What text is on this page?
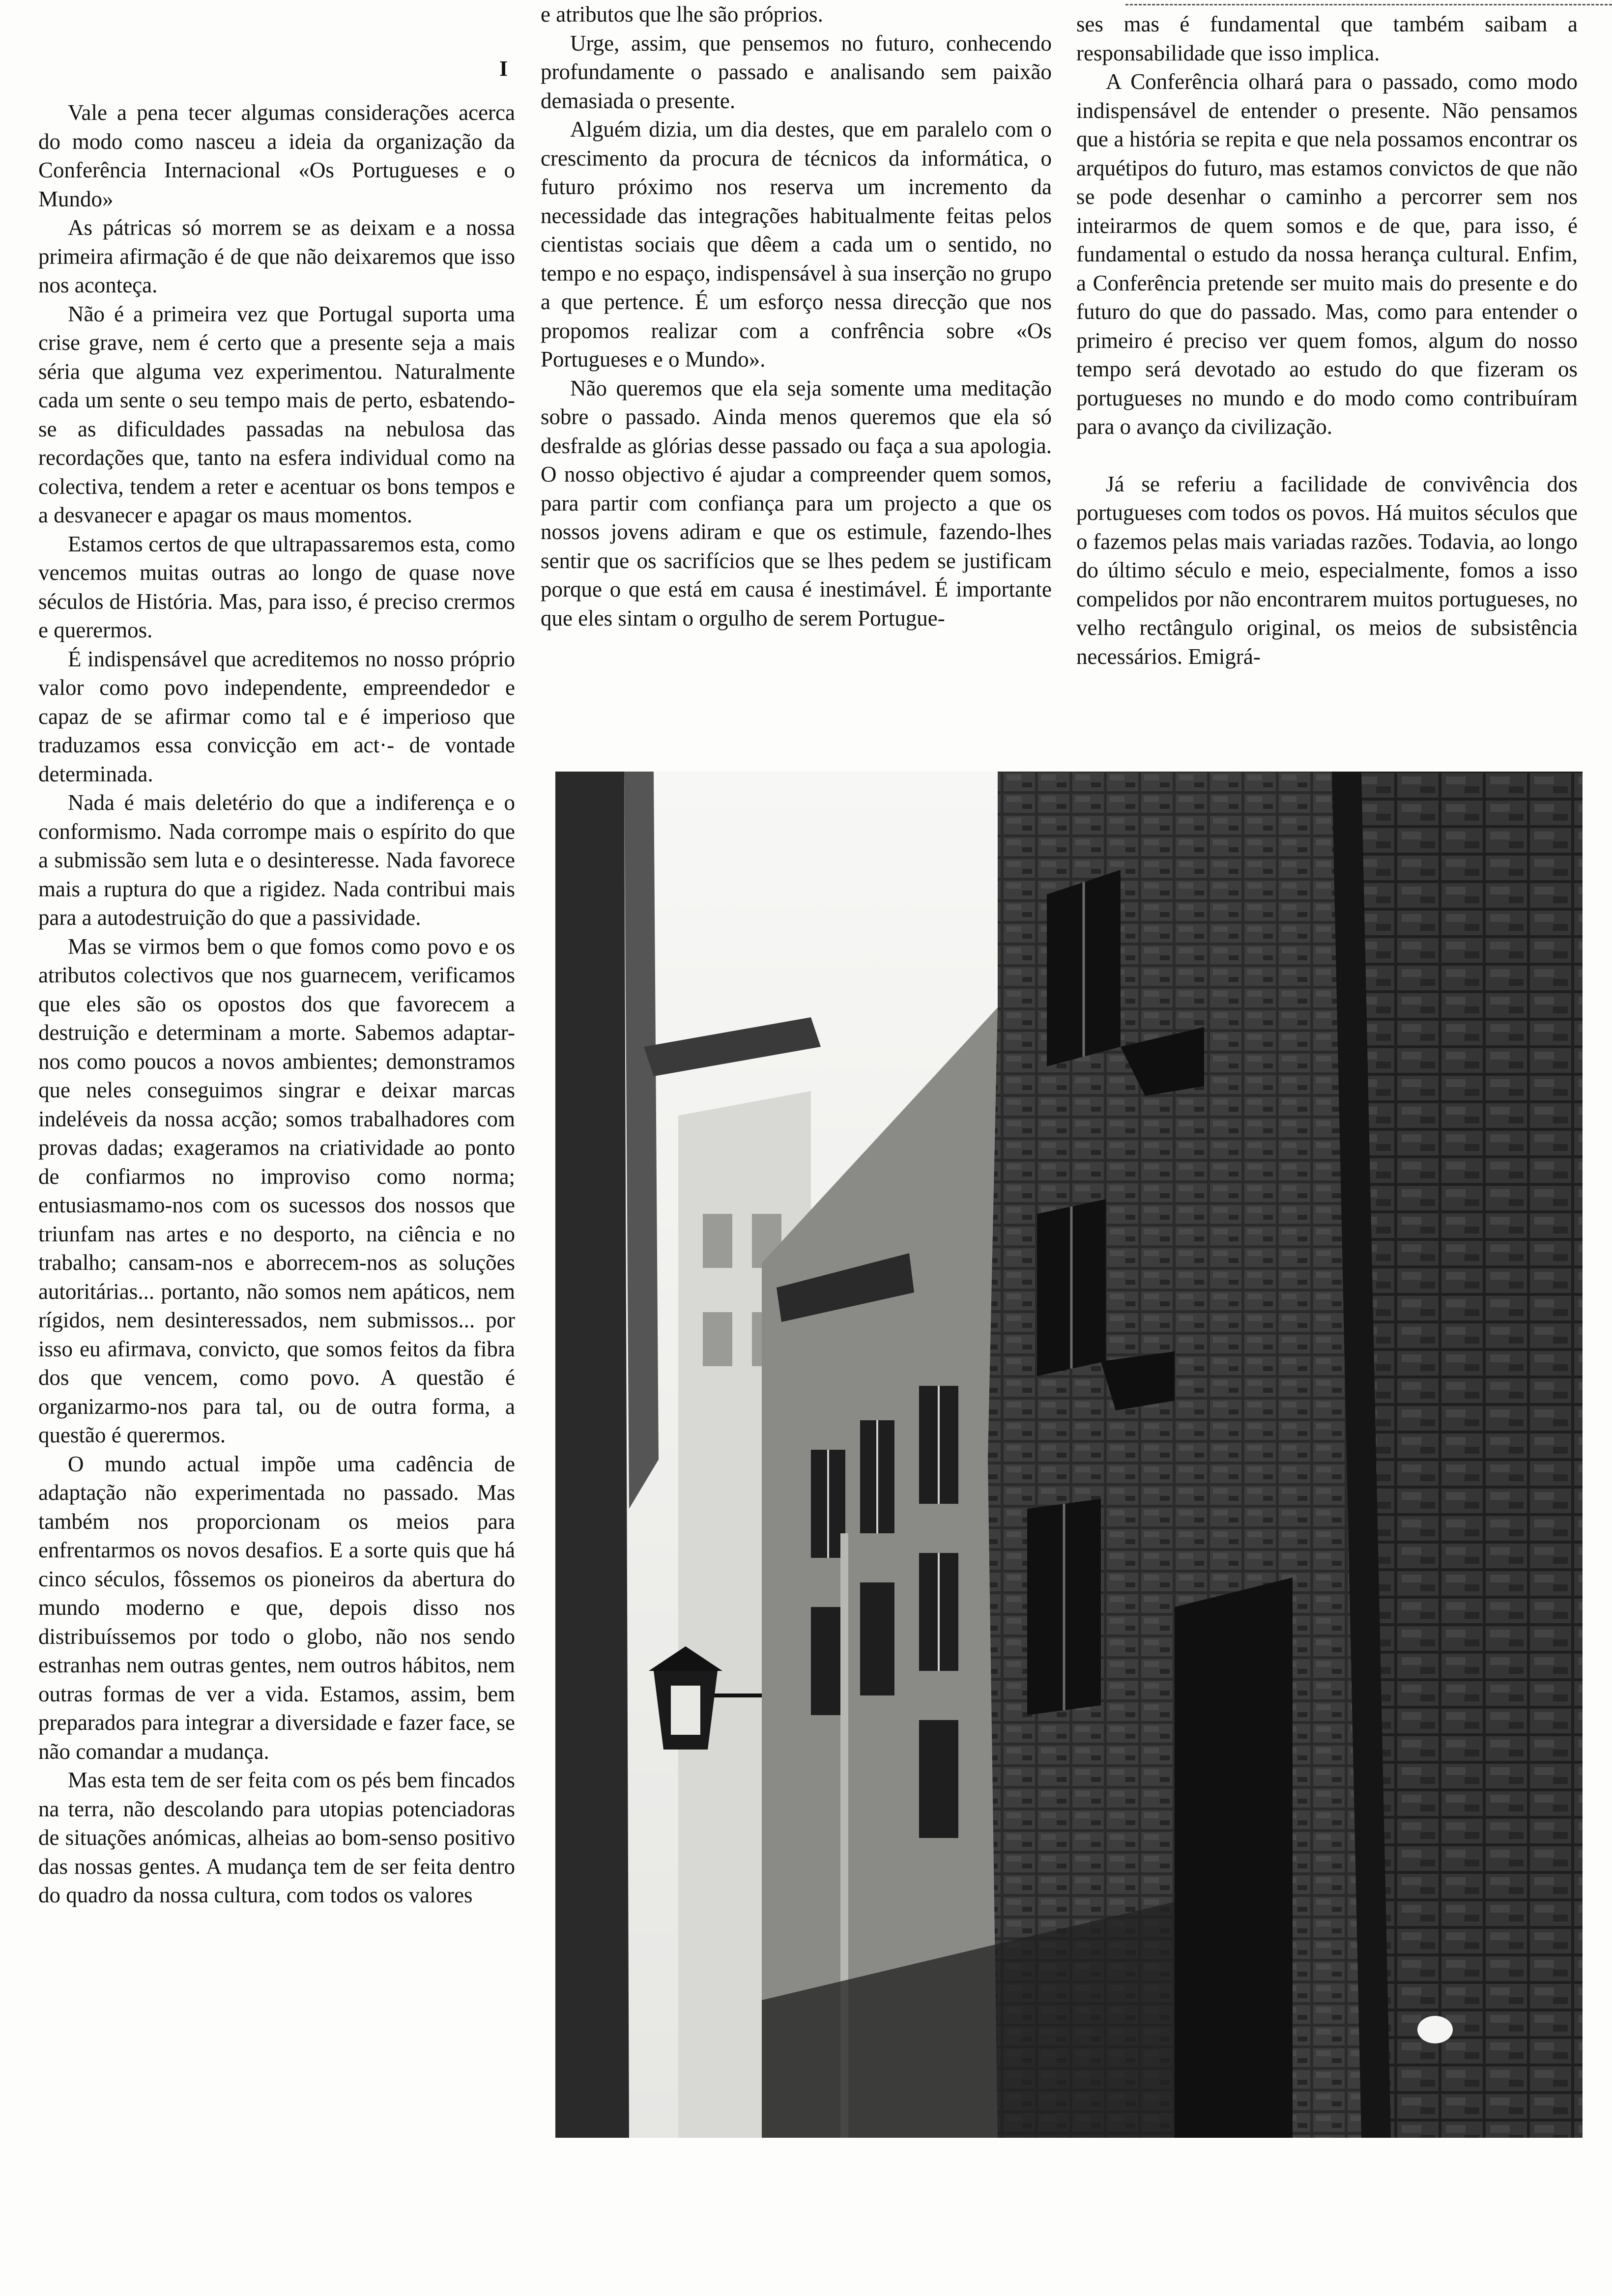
I

Vale a pena tecer algumas considerações acerca do modo como nasceu a ideia da organização da Conferência Internacional «Os Portugueses e o Mundo»

As pátricas só morrem se as deixam e a nossa primeira afirmação é de que não deixaremos que isso nos aconteça.

Não é a primeira vez que Portugal suporta uma crise grave, nem é certo que a presente seja a mais séria que alguma vez experimentou. Naturalmente cada um sente o seu tempo mais de perto, esbatendo-se as dificuldades passadas na nebulosa das recordações que, tanto na esfera individual como na colectiva, tendem a reter e acentuar os bons tempos e a desvanecer e apagar os maus momentos.

Estamos certos de que ultrapassaremos esta, como vencemos muitas outras ao longo de quase nove séculos de História. Mas, para isso, é preciso crermos e querermos.

É indispensável que acreditemos no nosso próprio valor como povo independente, empreendedor e capaz de se afirmar como tal e é imperioso que traduzamos essa convicção em act·- de vontade determinada.

Nada é mais deletério do que a indiferença e o conformismo. Nada corrompe mais o espírito do que a submissão sem luta e o desinteresse. Nada favorece mais a ruptura do que a rigidez. Nada contribui mais para a autodestruição do que a passividade.

Mas se virmos bem o que fomos como povo e os atributos colectivos que nos guarnecem, verificamos que eles são os opostos dos que favorecem a destruição e determinam a morte. Sabemos adaptar-nos como poucos a novos ambientes; demonstramos que neles conseguimos singrar e deixar marcas indeléveis da nossa acção; somos trabalhadores com provas dadas; exageramos na criatividade ao ponto de confiarmos no improviso como norma; entusiasmamo-nos com os sucessos dos nossos que triunfam nas artes e no desporto, na ciência e no trabalho; cansam-nos e aborrecem-nos as soluções autoritárias... portanto, não somos nem apáticos, nem rígidos, nem desinteressados, nem submissos... por isso eu afirmava, convicto, que somos feitos da fibra dos que vencem, como povo. A questão é organizarmo-nos para tal, ou de outra forma, a questão é querermos.

O mundo actual impõe uma cadência de adaptação não experimentada no passado. Mas também nos proporcionam os meios para enfrentarmos os novos desafios. E a sorte quis que há cinco séculos, fôssemos os pioneiros da abertura do mundo moderno e que, depois disso nos distribuíssemos por todo o globo, não nos sendo estranhas nem outras gentes, nem outros hábitos, nem outras formas de ver a vida. Estamos, assim, bem preparados para integrar a diversidade e fazer face, se não comandar a mudança.

Mas esta tem de ser feita com os pés bem fincados na terra, não descolando para utopias potenciadoras de situações anómicas, alheias ao bom-senso positivo das nossas gentes. A mudança tem de ser feita dentro do quadro da nossa cultura, com todos os valores

e atributos que lhe são próprios.

Urge, assim, que pensemos no futuro, conhecendo profundamente o passado e analisando sem paixão demasiada o presente.

Alguém dizia, um dia destes, que em paralelo com o crescimento da procura de técnicos da informática, o futuro próximo nos reserva um incremento da necessidade das integrações habitualmente feitas pelos cientistas sociais que dêem a cada um o sentido, no tempo e no espaço, indispensável à sua inserção no grupo a que pertence. É um esforço nessa direcção que nos propomos realizar com a confrência sobre «Os Portugueses e o Mundo».

Não queremos que ela seja somente uma meditação sobre o passado. Ainda menos queremos que ela só desfralde as glórias desse passado ou faça a sua apologia. O nosso objectivo é ajudar a compreender quem somos, para partir com confiança para um projecto a que os nossos jovens adiram e que os estimule, fazendo-lhes sentir que os sacrifícios que se lhes pedem se justificam porque o que está em causa é inestimável. É importante que eles sintam o orgulho de serem Portugue-

ses mas é fundamental que também saibam a responsabilidade que isso implica.

A Conferência olhará para o passado, como modo indispensável de entender o presente. Não pensamos que a história se repita e que nela possamos encontrar os arquétipos do futuro, mas estamos convictos de que não se pode desenhar o caminho a percorrer sem nos inteirarmos de quem somos e de que, para isso, é fundamental o estudo da nossa herança cultural. Enfim, a Conferência pretende ser muito mais do presente e do futuro do que do passado. Mas, como para entender o primeiro é preciso ver quem fomos, algum do nosso tempo será devotado ao estudo do que fizeram os portugueses no mundo e do modo como contribuíram para o avanço da civilização.

Já se referiu a facilidade de convivência dos portugueses com todos os povos. Há muitos séculos que o fazemos pelas mais variadas razões. Todavia, ao longo do último século e meio, especialmente, fomos a isso compelidos por não encontrarem muitos portugueses, no velho rectângulo original, os meios de subsistência necessários. Emigrá-
